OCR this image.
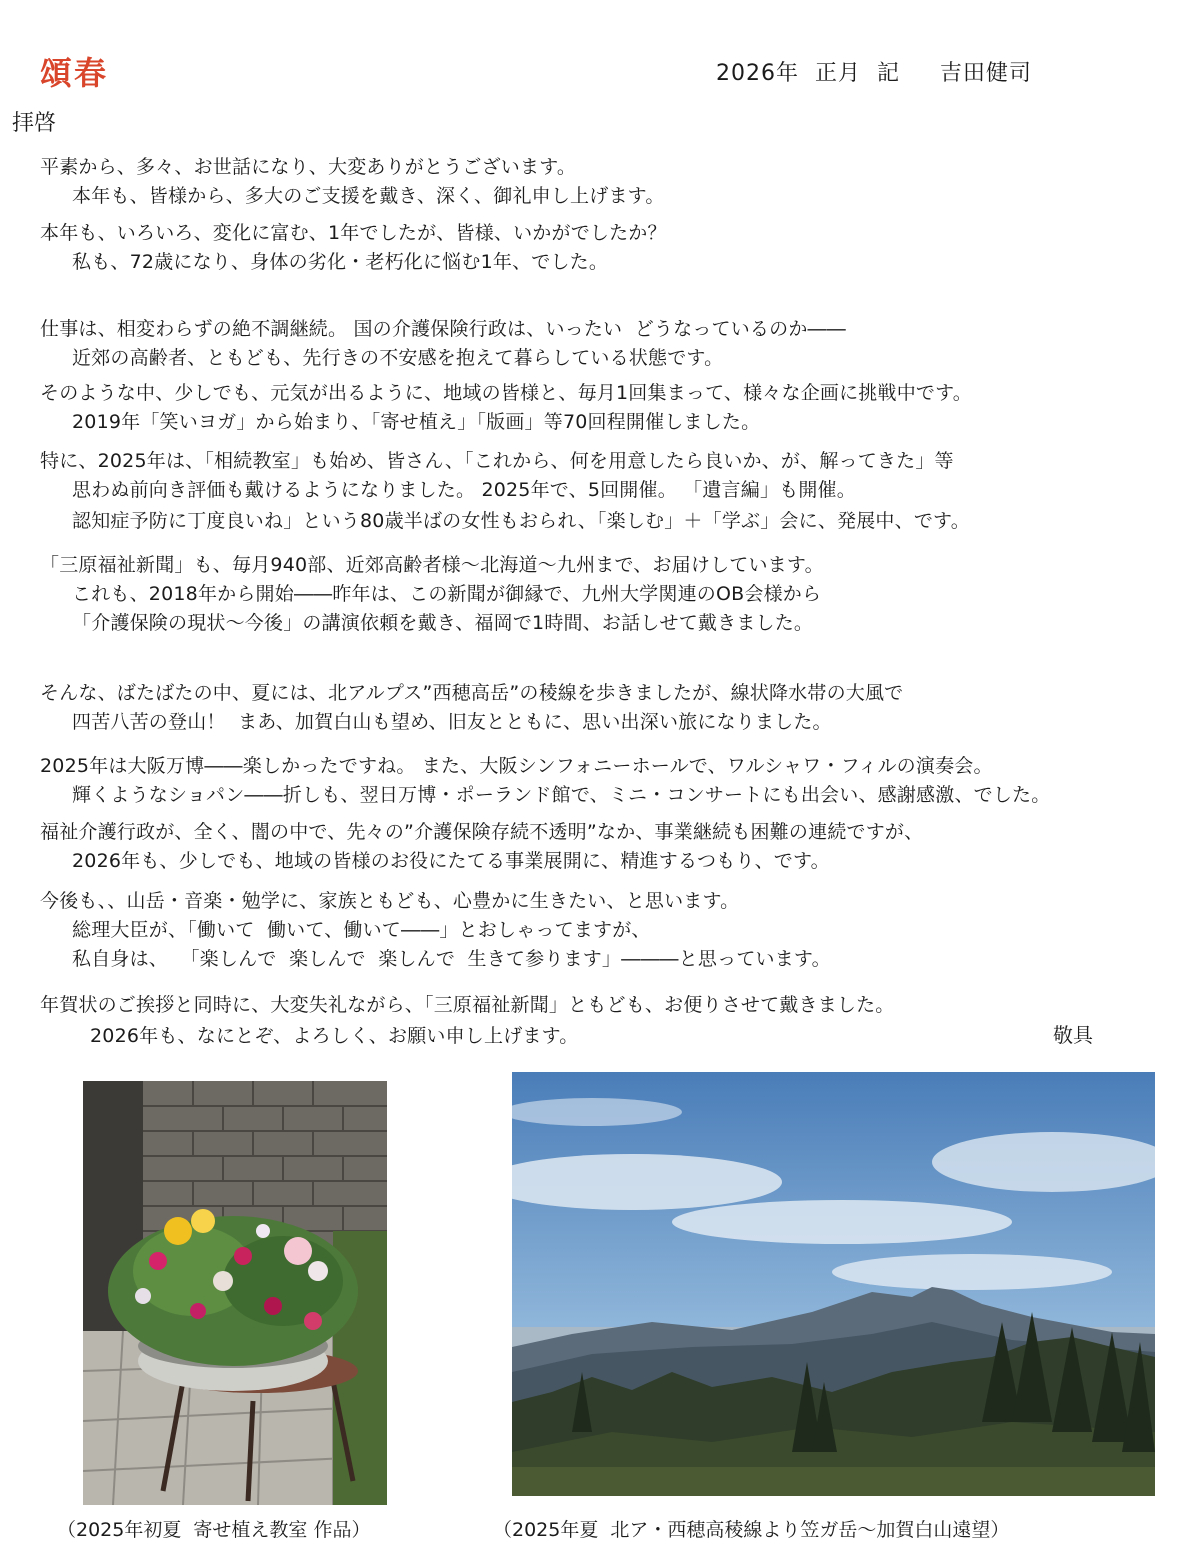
頌春	2026年  正月  記     吉田健司
拝啓
平素から、多々、お世話になり、大変ありがとうございます。
本年も、皆様から、多大のご支援を戴き、深く、御礼申し上げます。
本年も、いろいろ、変化に富む、1年でしたが、皆様、いかがでしたか？
私も、72歳になり、身体の劣化・老朽化に悩む1年、でした。
仕事は、相変わらずの絶不調継続。 国の介護保険行政は、いったい  どうなっているのか――
近郊の高齢者、ともども、先行きの不安感を抱えて暮らしている状態です。
そのような中、少しでも、元気が出るように、地域の皆様と、毎月1回集まって、様々な企画に挑戦中です。
2019年「笑いヨガ」から始まり、「寄せ植え」「版画」等70回程開催しました。
特に、2025年は、「相続教室」も始め、皆さん、「これから、何を用意したら良いか、が、解ってきた」等
思わぬ前向き評価も戴けるようになりました。 2025年で、5回開催。 「遺言編」も開催。
認知症予防に丁度良いね」という80歳半ばの女性もおられ、「楽しむ」＋「学ぶ」会に、発展中、です。
「三原福祉新聞」も、毎月940部、近郊高齢者様～北海道～九州まで、お届けしています。
これも、2018年から開始――昨年は、この新聞が御縁で、九州大学関連のOB会様から
「介護保険の現状～今後」の講演依頼を戴き、福岡で1時間、お話しせて戴きました。
そんな、ばたばたの中、夏には、北アルプス”西穂高岳”の稜線を歩きましたが、線状降水帯の大風で
四苦八苦の登山！  まあ、加賀白山も望め、旧友とともに、思い出深い旅になりました。
2025年は大阪万博――楽しかったですね。 また、大阪シンフォニーホールで、ワルシャワ・フィルの演奏会。
輝くようなショパン――折しも、翌日万博・ポーランド館で、ミニ・コンサートにも出会い、感謝感激、でした。
福祉介護行政が、全く、闇の中で、先々の”介護保険存続不透明”なか、事業継続も困難の連続ですが、
2026年も、少しでも、地域の皆様のお役にたてる事業展開に、精進するつもり、です。
今後も、、山岳・音楽・勉学に、家族ともども、心豊かに生きたい、と思います。
総理大臣が、「働いて  働いて、働いて――」とおしゃってますが、
私自身は、  「楽しんで  楽しんで  楽しんで  生きて参ります」―――と思っています。
年賀状のご挨拶と同時に、大変失礼ながら、「三原福祉新聞」ともども、お便りさせて戴きました。
2026年も、なにとぞ、よろしく、お願い申し上げます。	敬具
（2025年初夏  寄せ植え教室 作品）	（2025年夏  北ア・西穂高稜線より笠ガ岳～加賀白山遠望）
